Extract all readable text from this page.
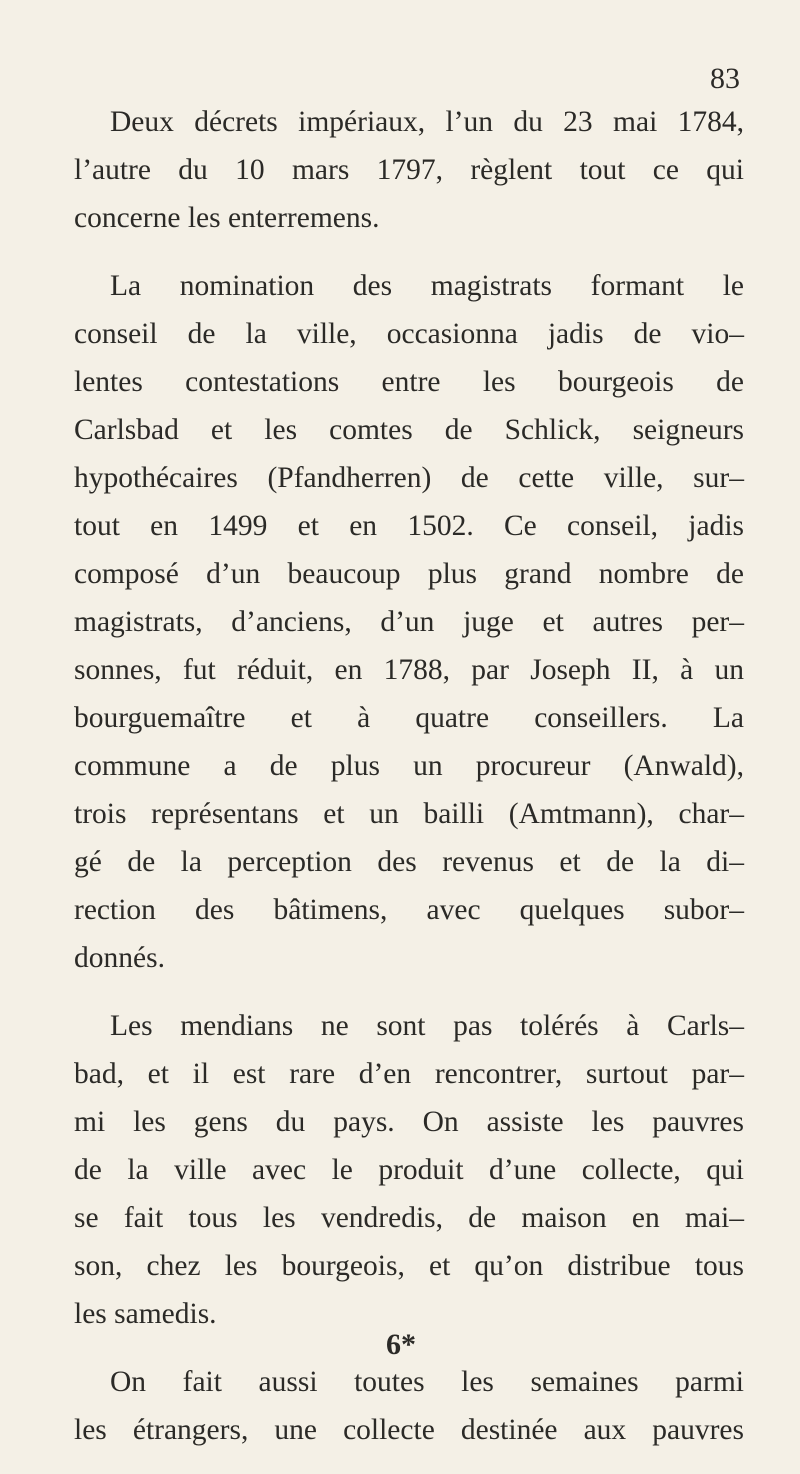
83
Deux décrets impériaux, l’un du 23 mai 1784,
l’autre du 10 mars 1797, règlent tout ce qui
concerne les enterremens.
La nomination des magistrats formant le
conseil de la ville, occasionna jadis de vio–
lentes contestations entre les bourgeois de
Carlsbad et les comtes de Schlick, seigneurs
hypothécaires (Pfandherren) de cette ville, sur–
tout en 1499 et en 1502. Ce conseil, jadis
composé d’un beaucoup plus grand nombre de
magistrats, d’anciens, d’un juge et autres per–
sonnes, fut réduit, en 1788, par Joseph II, à un
bourguemaître et à quatre conseillers. La
commune a de plus un procureur (Anwald),
trois représentans et un bailli (Amtmann), char–
gé de la perception des revenus et de la di–
rection des bâtimens, avec quelques subor–
donnés.
Les mendians ne sont pas tolérés à Carls–
bad, et il est rare d’en rencontrer, surtout par–
mi les gens du pays. On assiste les pauvres
de la ville avec le produit d’une collecte, qui
se fait tous les vendredis, de maison en mai–
son, chez les bourgeois, et qu’on distribue tous
les samedis.
On fait aussi toutes les semaines parmi
les étrangers, une collecte destinée aux pauvres
6*
